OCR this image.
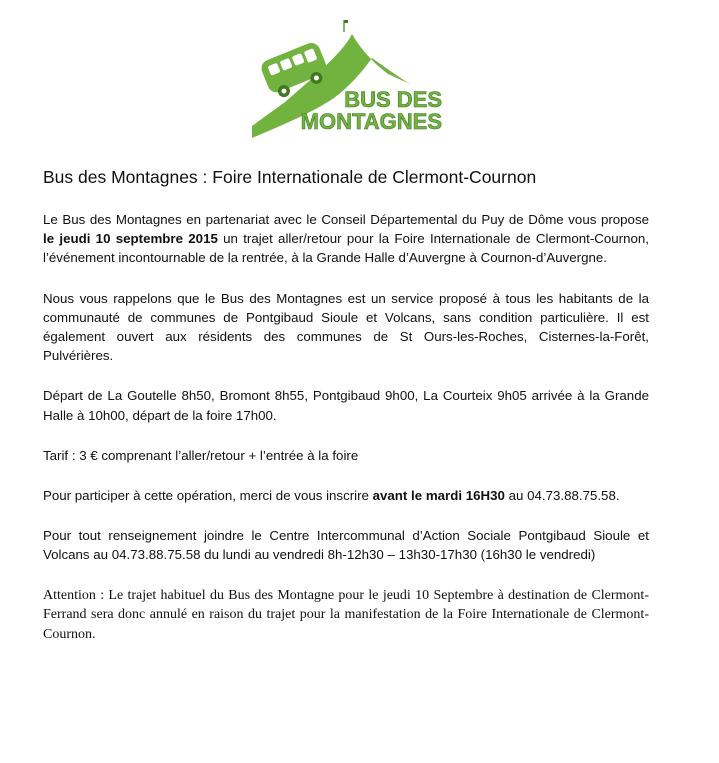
BUS DES
MONTAGNES
Bus des Montagnes : Foire Internationale de Clermont-Cournon

Le Bus des Montagnes en partenariat avec le Conseil Départemental du Puy de Dôme vous propose le jeudi 10 septembre 2015 un trajet aller/retour pour la Foire Internationale de Clermont-Cournon, l’événement incontournable de la rentrée, à la Grande Halle d’Auvergne à Cournon-d’Auvergne.

Nous vous rappelons que le Bus des Montagnes est un service proposé à tous les habitants de la communauté de communes de Pontgibaud Sioule et Volcans, sans condition particulière. Il est également ouvert aux résidents des communes de St Ours-les-Roches, Cisternes-la-Forêt, Pulvérières.

Départ de La Goutelle 8h50, Bromont 8h55, Pontgibaud 9h00, La Courteix 9h05 arrivée à la Grande Halle à 10h00, départ de la foire 17h00.

Tarif : 3 € comprenant l’aller/retour + l’entrée à la foire

Pour participer à cette opération, merci de vous inscrire avant le mardi 16H30 au 04.73.88.75.58.

Pour tout renseignement joindre le Centre Intercommunal d’Action Sociale Pontgibaud Sioule et Volcans au 04.73.88.75.58 du lundi au vendredi 8h-12h30 – 13h30-17h30 (16h30 le vendredi)

Attention : Le trajet habituel du Bus des Montagne pour le jeudi 10 Septembre à destination de Clermont-Ferrand sera donc annulé en raison du trajet pour la manifestation de la Foire Internationale de Clermont-Cournon.
